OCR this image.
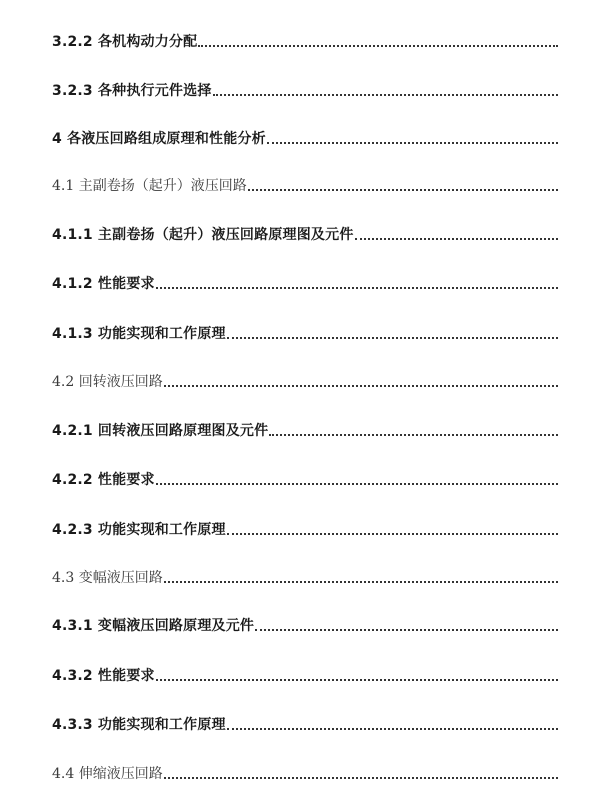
3.2.2 各机构动力分配
3.2.3 各种执行元件选择
4 各液压回路组成原理和性能分析
4.1 主副卷扬（起升）液压回路
4.1.1 主副卷扬（起升）液压回路原理图及元件
4.1.2 性能要求
4.1.3 功能实现和工作原理
4.2 回转液压回路
4.2.1 回转液压回路原理图及元件
4.2.2 性能要求
4.2.3 功能实现和工作原理
4.3 变幅液压回路
4.3.1 变幅液压回路原理及元件
4.3.2 性能要求
4.3.3 功能实现和工作原理
4.4 伸缩液压回路
